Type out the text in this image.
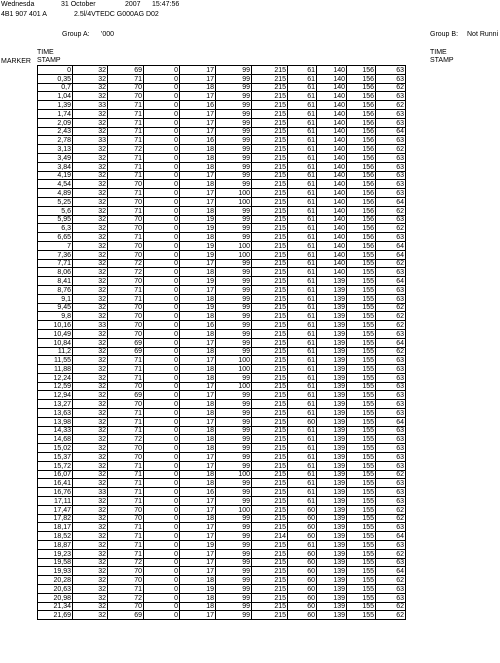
Wednesda	31 October	2007 15:47:56
4B1 907 401 A	2.5l/4VTEDC G000AG D02
Group A: '000	Group B: Not Runni
MARKER
TIME
STAMP
TIME
STAMP
0	32	69	0	17	99	215	61	140	156	63
0,35	32	71	0	17	99	215	61	140	156	63
0,7	32	70	0	18	99	215	61	140	156	62
1,04	32	70	0	17	99	215	61	140	156	63
1,39	33	71	0	16	99	215	61	140	156	62
1,74	32	71	0	17	99	215	61	140	156	63
2,09	32	71	0	17	99	215	61	140	156	63
2,43	32	71	0	17	99	215	61	140	156	64
2,78	33	71	0	16	99	215	61	140	156	63
3,13	32	72	0	18	99	215	61	140	156	62
3,49	32	71	0	18	99	215	61	140	156	63
3,84	32	71	0	18	99	215	61	140	156	63
4,19	32	71	0	17	99	215	61	140	156	63
4,54	32	70	0	18	99	215	61	140	156	63
4,89	32	71	0	17	100	215	61	140	156	63
5,25	32	70	0	17	100	215	61	140	156	64
5,6	32	71	0	18	99	215	61	140	156	62
5,95	32	70	0	19	99	215	61	140	156	63
6,3	32	70	0	19	99	215	61	140	156	62
6,65	32	71	0	18	99	215	61	140	156	63
7	32	70	0	19	100	215	61	140	156	64
7,36	32	70	0	19	100	215	61	140	155	64
7,71	32	72	0	17	99	215	61	140	155	62
8,06	32	72	0	18	99	215	61	140	155	63
8,41	32	70	0	19	99	215	61	139	155	64
8,76	32	71	0	17	99	215	61	139	155	63
9,1	32	71	0	18	99	215	61	139	155	63
9,45	32	70	0	19	99	215	61	139	155	62
9,8	32	70	0	18	99	215	61	139	155	62
10,16	33	70	0	16	99	215	61	139	155	62
10,49	32	70	0	18	99	215	61	139	155	63
10,84	32	69	0	17	99	215	61	139	155	64
11,2	32	69	0	18	99	215	61	139	155	62
11,55	32	71	0	17	100	215	61	139	155	63
11,88	32	71	0	18	100	215	61	139	155	63
12,24	32	71	0	18	99	215	61	139	155	63
12,59	32	70	0	17	100	215	61	139	155	63
12,94	32	69	0	17	99	215	61	139	155	63
13,27	32	70	0	18	99	215	61	139	155	63
13,63	32	71	0	18	99	215	61	139	155	63
13,98	32	71	0	17	99	215	60	139	155	64
14,33	32	71	0	18	99	215	61	139	155	63
14,68	32	72	0	18	99	215	61	139	155	63
15,02	32	70	0	18	99	215	61	139	155	63
15,37	32	70	0	17	99	215	61	139	155	63
15,72	32	71	0	17	99	215	61	139	155	63
16,07	32	71	0	18	100	215	61	139	155	62
16,41	32	71	0	18	99	215	61	139	155	63
16,76	33	71	0	16	99	215	61	139	155	63
17,11	32	71	0	17	99	215	61	139	155	63
17,47	32	70	0	17	100	215	60	139	155	62
17,82	32	70	0	18	99	215	60	139	155	62
18,17	32	71	0	17	99	215	60	139	155	63
18,52	32	71	0	17	99	214	60	139	155	64
18,87	32	71	0	19	99	215	61	139	155	63
19,23	32	71	0	17	99	215	60	139	155	62
19,58	32	72	0	17	99	215	60	139	155	63
19,93	32	70	0	17	99	215	60	139	155	64
20,28	32	70	0	18	99	215	60	139	155	62
20,63	32	71	0	19	99	215	60	139	155	63
20,98	32	72	0	18	99	215	60	139	155	63
21,34	32	70	0	18	99	215	60	139	155	62
21,69	32	69	0	17	99	215	60	139	155	62
